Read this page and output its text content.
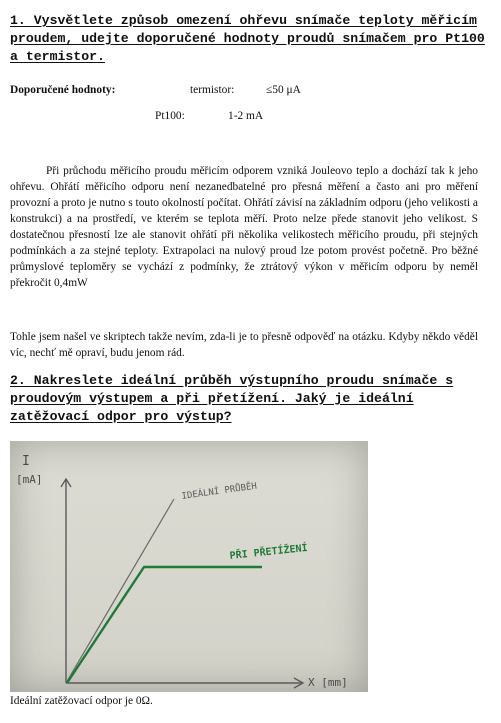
1. Vysvětlete způsob omezení ohřevu snímače teploty měřicím proudem, udejte doporučené hodnoty proudů snímačem pro Pt100 a termistor.

Doporučené hodnoty:	termistor:	≤50 μA
Pt100:	1-2 mA

Při průchodu měřicího proudu měřicím odporem vzniká Jouleovo teplo a dochází tak k jeho ohřevu. Ohřátí měřicího odporu není nezanedbatelné pro přesná měření a často ani pro měření provozní a proto je nutno s touto okolností počítat. Ohřátí závisí na základním odporu (jeho velikosti a konstrukci) a na prostředí, ve kterém se teplota měří. Proto nelze přede stanovit jeho velikost. S dostatečnou přesností lze ale stanovit ohřátí při několika velikostech měřicího proudu, při stejných podmínkách a za stejné teploty. Extrapolaci na nulový proud lze potom provést početně. Pro běžné průmyslové teploměry se vychází z podmínky, že ztrátový výkon v měřicím odporu by neměl překročit 0,4mW

Tohle jsem našel ve skriptech takže nevím, zda-li je to přesně odpověď na otázku. Kdyby někdo věděl víc, nechť mě opraví, budu jenom rád.

2. Nakreslete ideální průběh výstupního proudu snímače s proudovým výstupem a při přetížení. Jaký je ideální zatěžovací odpor pro výstup?

I
[mA]
X [mm]
IDEÁLNÍ PRŮBĚH
PŘI PŘETÍŽENÍ
Ideální zatěžovací odpor je 0Ω.
